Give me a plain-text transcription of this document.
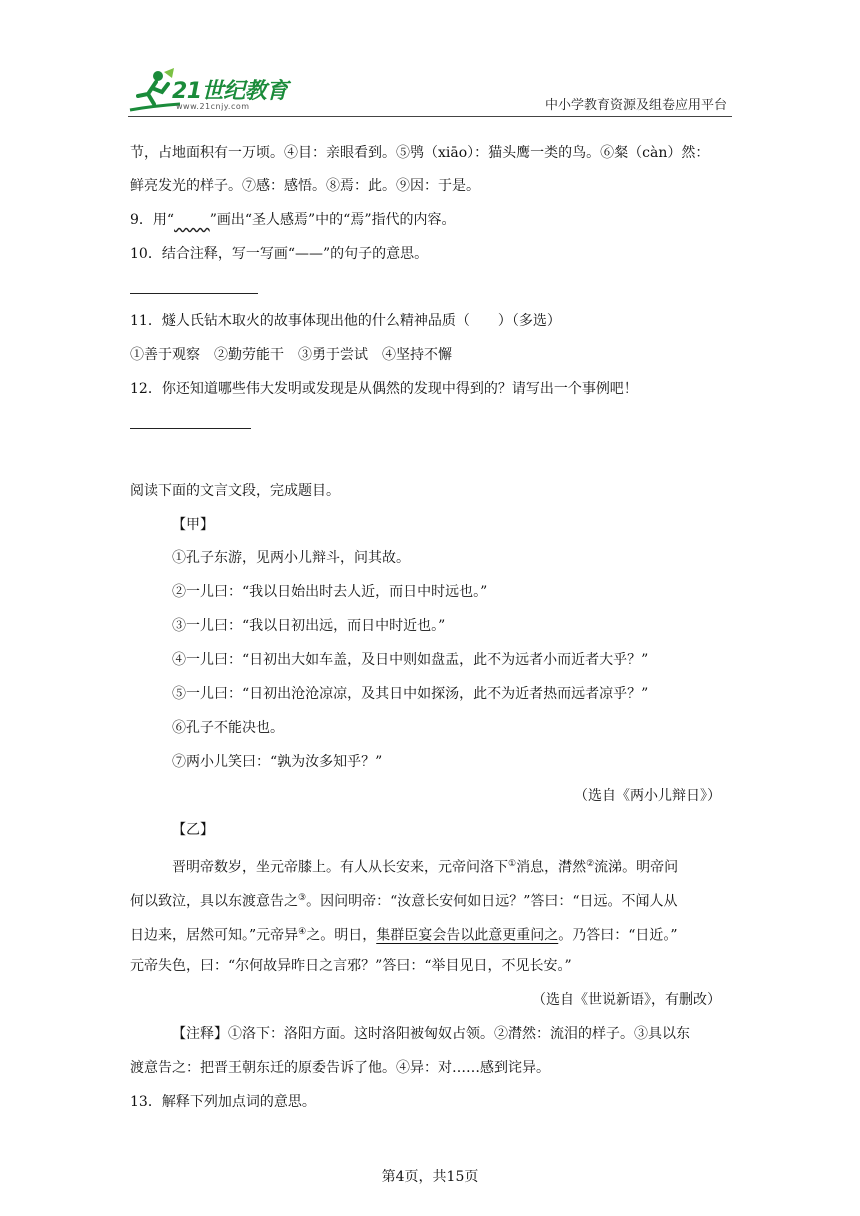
21世纪教育
www.21cnjy.com	中小学教育资源及组卷应用平台
节，占地面积有一万顷。④目：亲眼看到。⑤鸮（xiāo）：猫头鹰一类的鸟。⑥粲（càn）然：
鲜亮发光的样子。⑦感：感悟。⑧焉：此。⑨因：于是。
9．用“	”画出“圣人感焉”中的“焉”指代的内容。
10．结合注释，写一写画“——”的句子的意思。
11．燧人氏钻木取火的故事体现出他的什么精神品质（　　）（多选）
①善于观察　②勤劳能干　③勇于尝试　④坚持不懈
12．你还知道哪些伟大发明或发现是从偶然的发现中得到的？请写出一个事例吧！
阅读下面的文言文段，完成题目。
【甲】
①孔子东游，见两小儿辩斗，问其故。
②一儿曰：“我以日始出时去人近，而日中时远也。”
③一儿曰：“我以日初出远，而日中时近也。”
④一儿曰：“日初出大如车盖，及日中则如盘盂，此不为远者小而近者大乎？”
⑤一儿曰：“日初出沧沧凉凉，及其日中如探汤，此不为近者热而远者凉乎？”
⑥孔子不能决也。
⑦两小儿笑曰：“孰为汝多知乎？”
（选自《两小儿辩日》）
【乙】
晋明帝数岁，坐元帝膝上。有人从长安来，元帝问洛下①消息，潸然②流涕。明帝问
何以致泣，具以东渡意告之③。因问明帝：“汝意长安何如日远？”答曰：“日远。不闻人从
日边来，居然可知。”元帝异④之。明日，集群臣宴会告以此意更重问之。乃答曰：“日近。”
元帝失色，曰：“尔何故异昨日之言邪？”答曰：“举目见日，不见长安。”
（选自《世说新语》，有删改）
【注释】①洛下：洛阳方面。这时洛阳被匈奴占领。②潸然：流泪的样子。③具以东
渡意告之：把晋王朝东迁的原委告诉了他。④异：对……感到诧异。
13．解释下列加点词的意思。
第4页，共15页
